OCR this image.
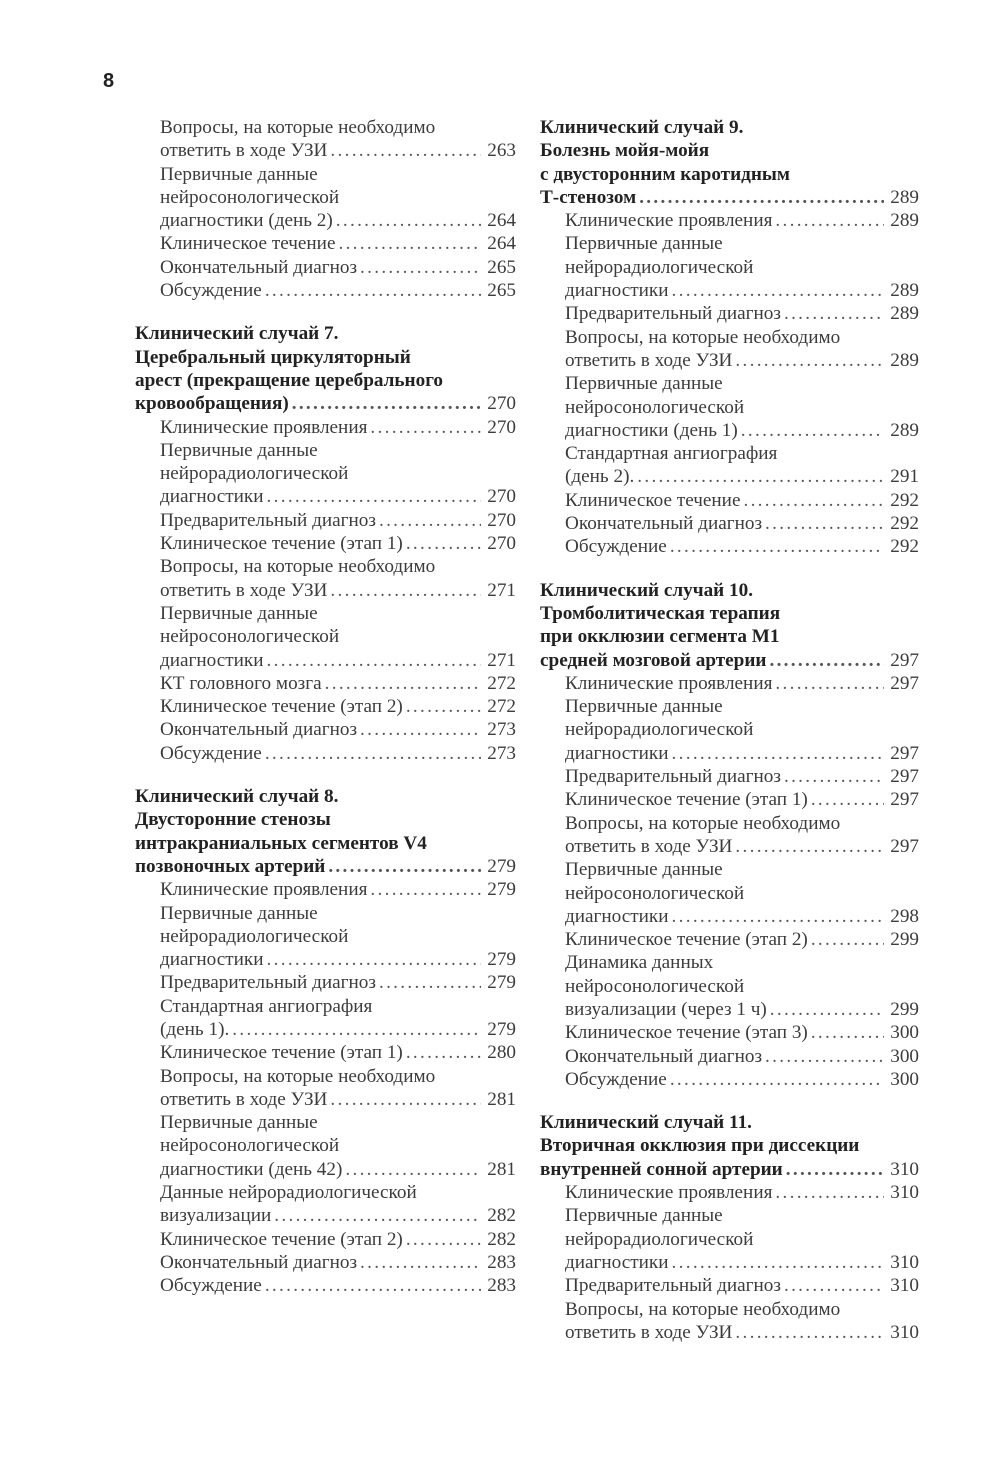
8
Вопросы, на которые необходимо
ответить в ходе УЗИ . . .	263
Первичные данные
нейросонологической
диагностики (день 2) . . .	264
Клиническое течение . . .	264
Окончательный диагноз . . .	265
Обсуждение . . .	265
Клинический случай 7.
Церебральный циркуляторный
арест (прекращение церебрального
кровообращения) . . .	270
Клинические проявления . . .	270
Первичные данные
нейрорадиологической
диагностики . . .	270
Предварительный диагноз . . .	270
Клиническое течение (этап 1) . . .	270
Вопросы, на которые необходимо
ответить в ходе УЗИ . . .	271
Первичные данные
нейросонологической
диагностики . . .	271
КТ головного мозга . . .	272
Клиническое течение (этап 2) . . .	272
Окончательный диагноз . . .	273
Обсуждение . . .	273
Клинический случай 8.
Двусторонние стенозы
интракраниальных сегментов V4
позвоночных артерий . . .	279
Клинические проявления . . .	279
Первичные данные
нейрорадиологической
диагностики . . .	279
Предварительный диагноз . . .	279
Стандартная ангиография
(день 1). . . .	279
Клиническое течение (этап 1) . . .	280
Вопросы, на которые необходимо
ответить в ходе УЗИ . . .	281
Первичные данные
нейросонологической
диагностики (день 42) . . .	281
Данные нейрорадиологической
визуализации . . .	282
Клиническое течение (этап 2) . . .	282
Окончательный диагноз . . .	283
Обсуждение . . .	283
Клинический случай 9.
Болезнь мойя-мойя
с двусторонним каротидным
Т-стенозом . . .	289
Клинические проявления . . .	289
Первичные данные
нейрорадиологической
диагностики . . .	289
Предварительный диагноз . . .	289
Вопросы, на которые необходимо
ответить в ходе УЗИ . . .	289
Первичные данные
нейросонологической
диагностики (день 1) . . .	289
Стандартная ангиография
(день 2). . . .	291
Клиническое течение . . .	292
Окончательный диагноз . . .	292
Обсуждение . . .	292
Клинический случай 10.
Тромболитическая терапия
при окклюзии сегмента М1
средней мозговой артерии . . .	297
Клинические проявления . . .	297
Первичные данные
нейрорадиологической
диагностики . . .	297
Предварительный диагноз . . .	297
Клиническое течение (этап 1) . . .	297
Вопросы, на которые необходимо
ответить в ходе УЗИ . . .	297
Первичные данные
нейросонологической
диагностики . . .	298
Клиническое течение (этап 2) . . .	299
Динамика данных
нейросонологической
визуализации (через 1 ч) . . .	299
Клиническое течение (этап 3) . . .	300
Окончательный диагноз . . .	300
Обсуждение . . .	300
Клинический случай 11.
Вторичная окклюзия при диссекции
внутренней сонной артерии . . .	310
Клинические проявления . . .	310
Первичные данные
нейрорадиологической
диагностики . . .	310
Предварительный диагноз . . .	310
Вопросы, на которые необходимо
ответить в ходе УЗИ . . .	310
